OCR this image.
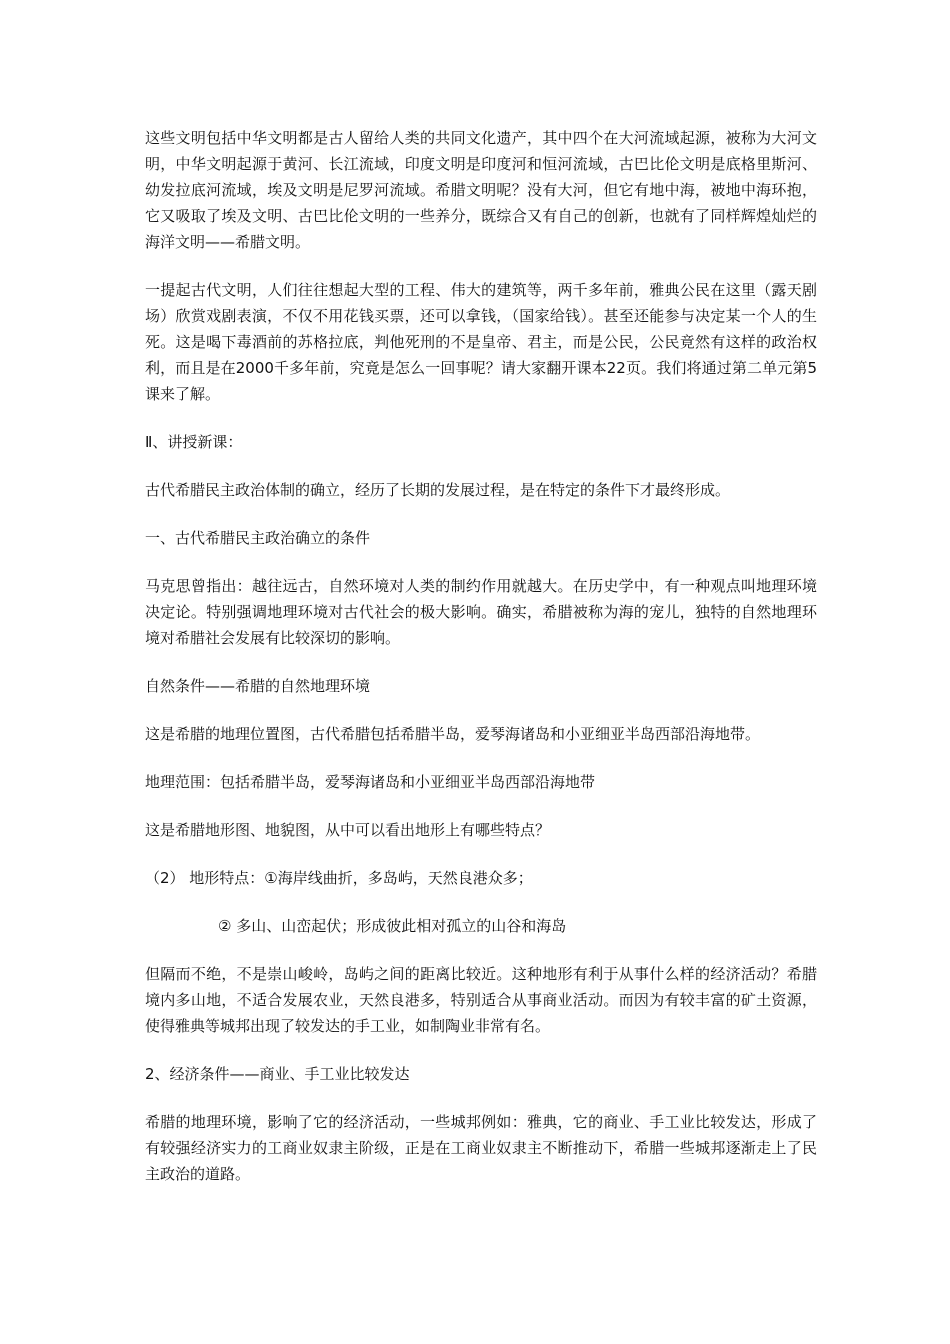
这些文明包括中华文明都是古人留给人类的共同文化遗产，其中四个在大河流域起源，被称为大河文明，中华文明起源于黄河、长江流域，印度文明是印度河和恒河流域，古巴比伦文明是底格里斯河、幼发拉底河流域，埃及文明是尼罗河流域。希腊文明呢？没有大河，但它有地中海，被地中海环抱，它又吸取了埃及文明、古巴比伦文明的一些养分，既综合又有自己的创新，也就有了同样辉煌灿烂的海洋文明——希腊文明。

一提起古代文明，人们往往想起大型的工程、伟大的建筑等，两千多年前，雅典公民在这里（露天剧场）欣赏戏剧表演，不仅不用花钱买票，还可以拿钱，（国家给钱）。甚至还能参与决定某一个人的生死。这是喝下毒酒前的苏格拉底，判他死刑的不是皇帝、君主，而是公民，公民竟然有这样的政治权利，而且是在2000千多年前，究竟是怎么一回事呢？请大家翻开课本22页。我们将通过第二单元第5课来了解。

Ⅱ、讲授新课：

古代希腊民主政治体制的确立，经历了长期的发展过程，是在特定的条件下才最终形成。

一、古代希腊民主政治确立的条件

马克思曾指出：越往远古，自然环境对人类的制约作用就越大。在历史学中，有一种观点叫地理环境决定论。特别强调地理环境对古代社会的极大影响。确实，希腊被称为海的宠儿，独特的自然地理环境对希腊社会发展有比较深切的影响。

自然条件——希腊的自然地理环境

这是希腊的地理位置图，古代希腊包括希腊半岛，爱琴海诸岛和小亚细亚半岛西部沿海地带。

地理范围：包括希腊半岛，爱琴海诸岛和小亚细亚半岛西部沿海地带

这是希腊地形图、地貌图，从中可以看出地形上有哪些特点？

（2） 地形特点：①海岸线曲折，多岛屿，天然良港众多；

② 多山、山峦起伏；形成彼此相对孤立的山谷和海岛

但隔而不绝，不是崇山峻岭，岛屿之间的距离比较近。这种地形有利于从事什么样的经济活动？希腊境内多山地，不适合发展农业，天然良港多，特别适合从事商业活动。而因为有较丰富的矿土资源，使得雅典等城邦出现了较发达的手工业，如制陶业非常有名。

2、经济条件——商业、手工业比较发达

希腊的地理环境，影响了它的经济活动，一些城邦例如：雅典，它的商业、手工业比较发达，形成了有较强经济实力的工商业奴隶主阶级，正是在工商业奴隶主不断推动下，希腊一些城邦逐渐走上了民主政治的道路。
